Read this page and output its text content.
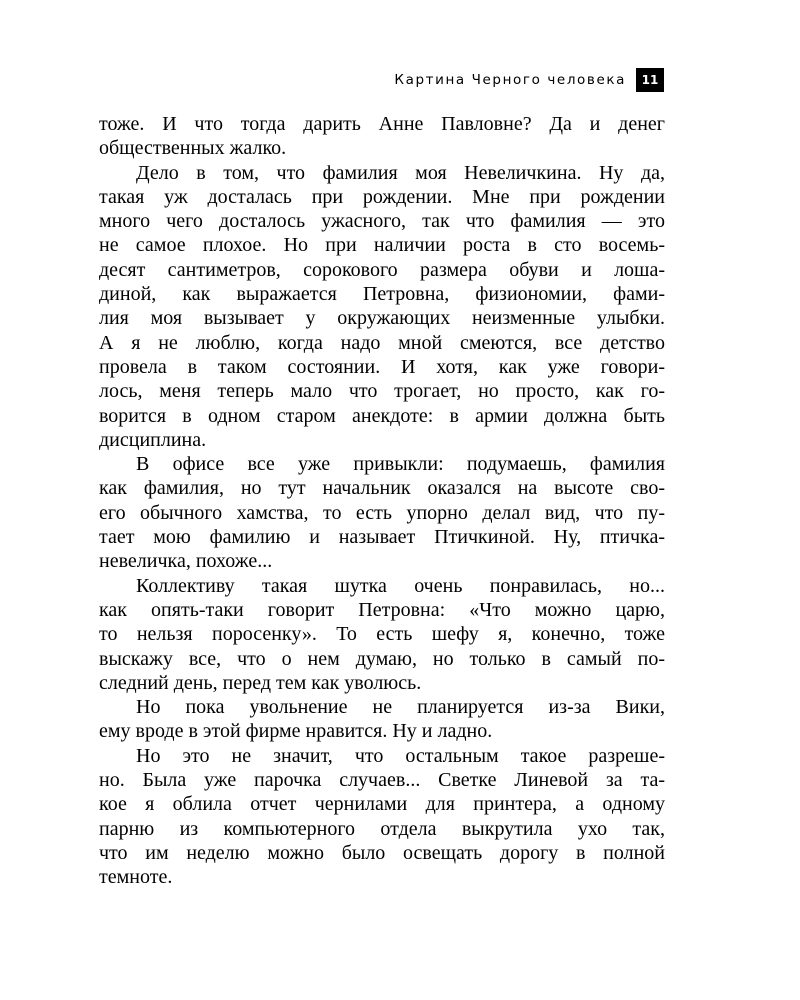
Картина Черного человека	11
тоже. И что тогда дарить Анне Павловне? Да и денег
общественных жалко.
Дело в том, что фамилия моя Невеличкина. Ну да,
такая уж досталась при рождении. Мне при рождении
много чего досталось ужасного, так что фамилия — это
не самое плохое. Но при наличии роста в сто восемь-
десят сантиметров, сорокового размера обуви и лоша-
диной, как выражается Петровна, физиономии, фами-
лия моя вызывает у окружающих неизменные улыбки.
А я не люблю, когда надо мной смеются, все детство
провела в таком состоянии. И хотя, как уже говори-
лось, меня теперь мало что трогает, но просто, как го-
ворится в одном старом анекдоте: в армии должна быть
дисциплина.
В офисе все уже привыкли: подумаешь, фамилия
как фамилия, но тут начальник оказался на высоте сво-
его обычного хамства, то есть упорно делал вид, что пу-
тает мою фамилию и называет Птичкиной. Ну, птичка-
невеличка, похоже...
Коллективу такая шутка очень понравилась, но...
как опять-таки говорит Петровна: «Что можно царю,
то нельзя поросенку». То есть шефу я, конечно, тоже
выскажу все, что о нем думаю, но только в самый по-
следний день, перед тем как уволюсь.
Но пока увольнение не планируется из-за Вики,
ему вроде в этой фирме нравится. Ну и ладно.
Но это не значит, что остальным такое разреше-
но. Была уже парочка случаев... Светке Линевой за та-
кое я облила отчет чернилами для принтера, а одному
парню из компьютерного отдела выкрутила ухо так,
что им неделю можно было освещать дорогу в полной
темноте.
